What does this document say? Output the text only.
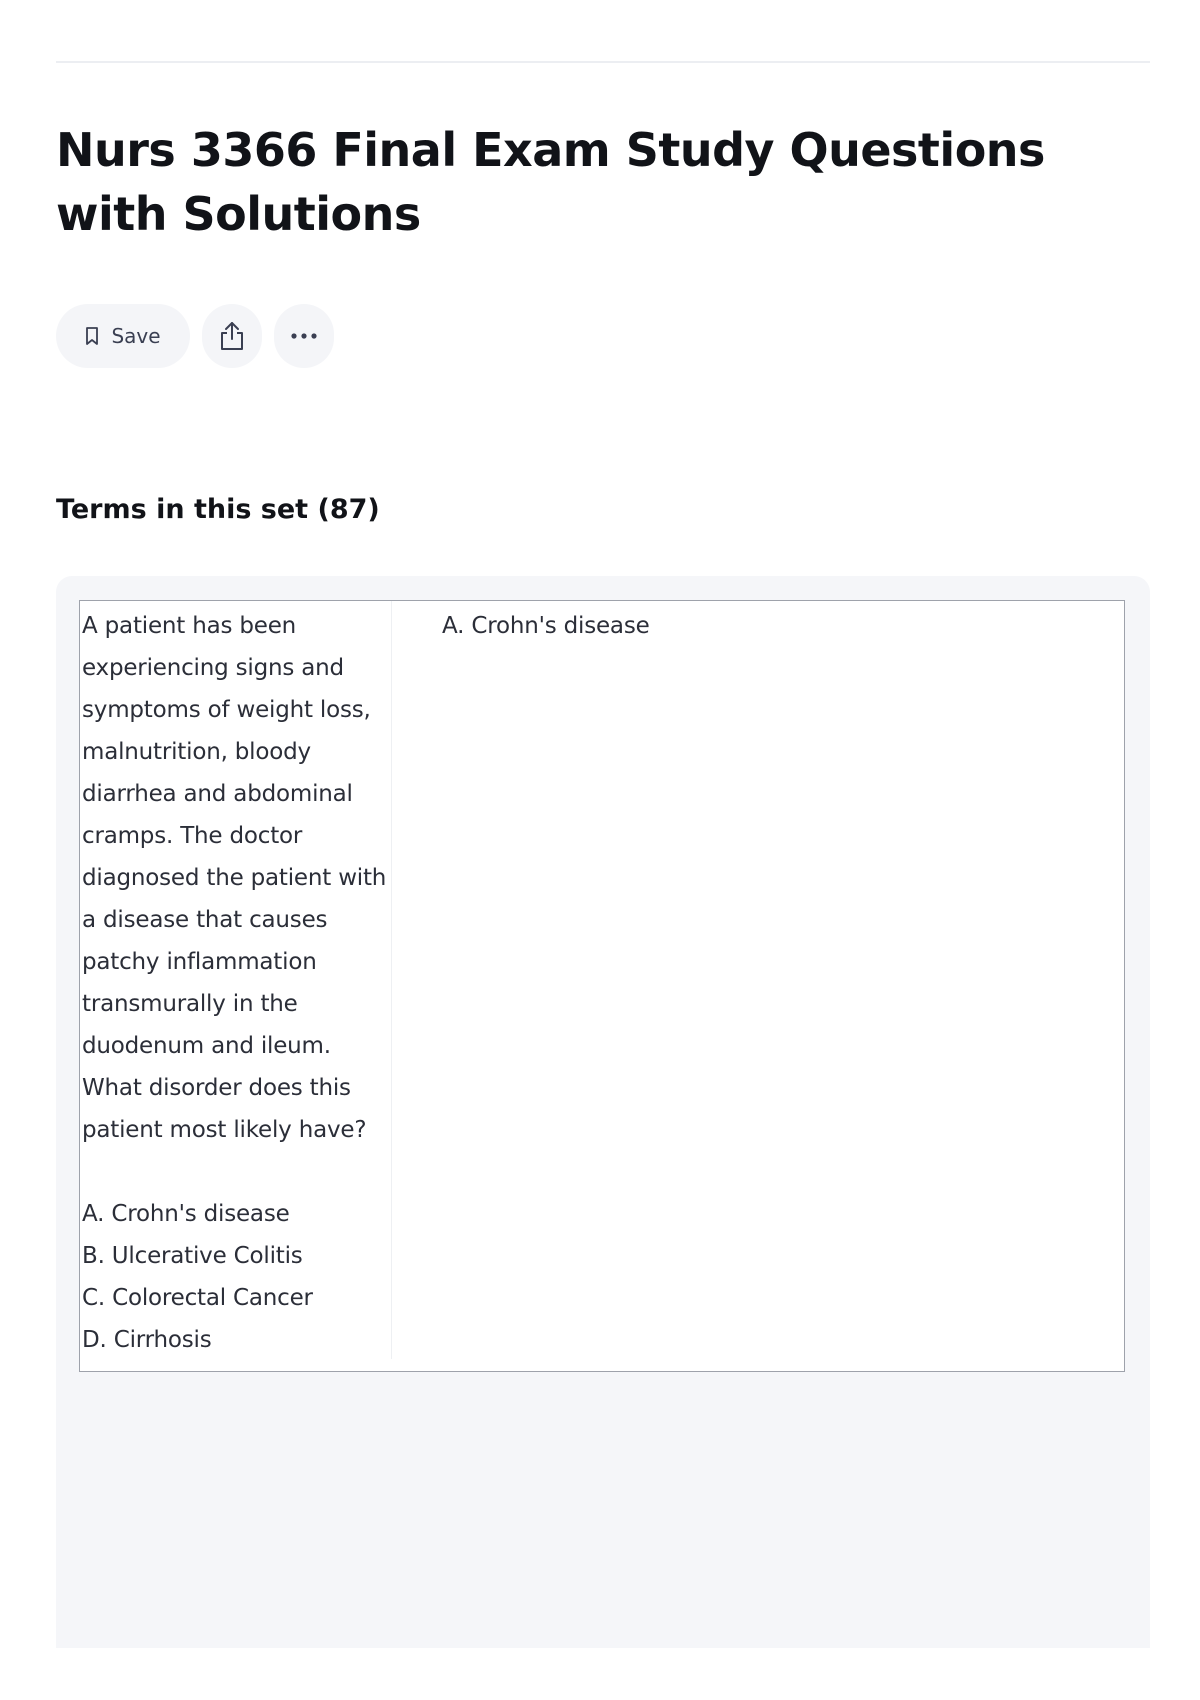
Nurs 3366 Final Exam Study Questions with Solutions
Save
Terms in this set (87)
A patient has been
experiencing signs and
symptoms of weight loss,
malnutrition, bloody
diarrhea and abdominal
cramps. The doctor
diagnosed the patient with
a disease that causes
patchy inflammation
transmurally in the
duodenum and ileum.
What disorder does this
patient most likely have?
A. Crohn's disease
B. Ulcerative Colitis
C. Colorectal Cancer
D. Cirrhosis
A. Crohn's disease
